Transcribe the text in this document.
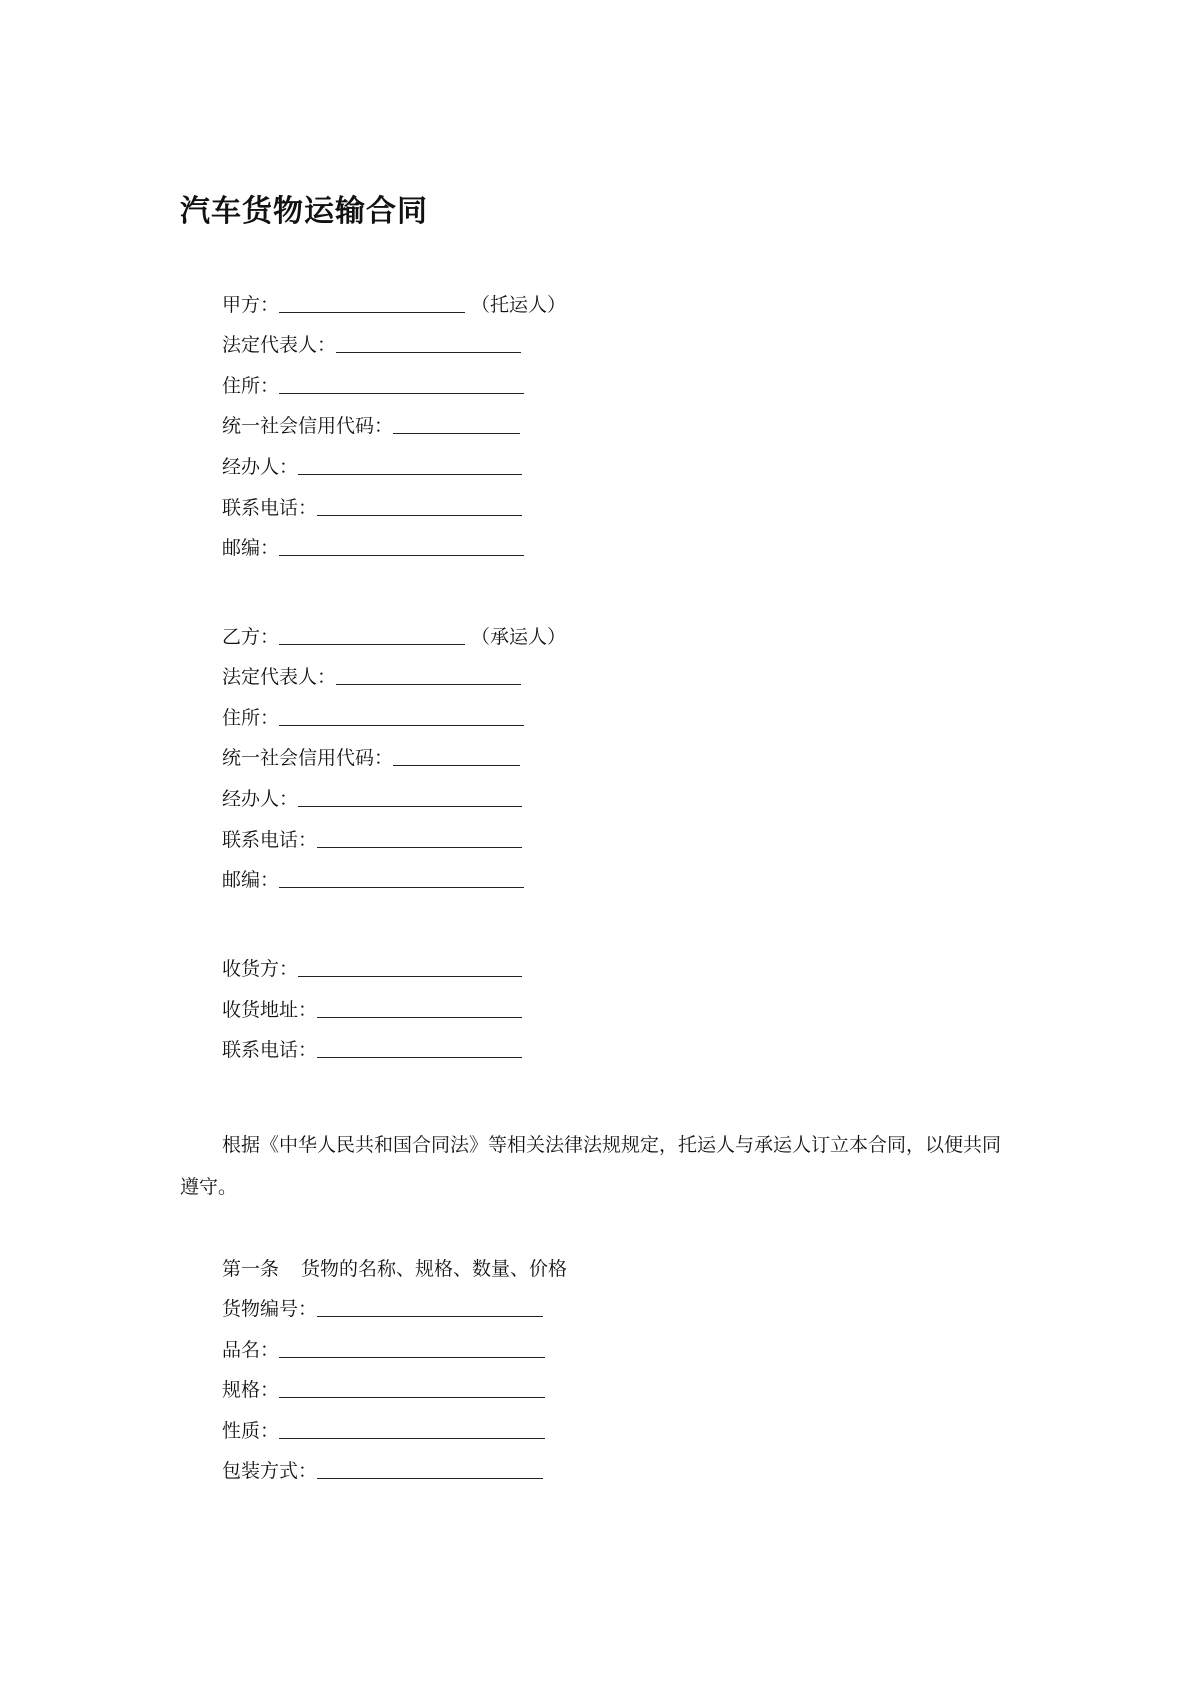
汽车货物运输合同
甲方：	（托运人）
法定代表人：
住所：
统一社会信用代码：
经办人：
联系电话：
邮编：
乙方：	（承运人）
法定代表人：
住所：
统一社会信用代码：
经办人：
联系电话：
邮编：
收货方：
收货地址：
联系电话：

根据《中华人民共和国合同法》等相关法律法规规定，托运人与承运人订立本合同，以便共同遵守。

第一条 货物的名称、规格、数量、价格
货物编号：
品名：
规格：
性质：
包装方式：
